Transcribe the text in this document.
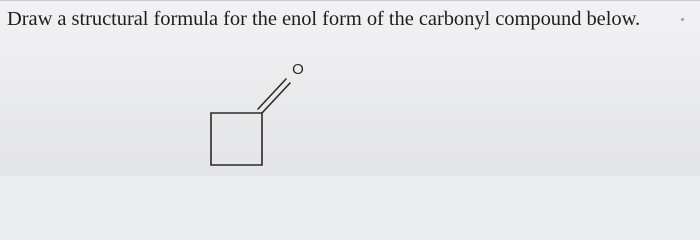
Draw a structural formula for the enol form of the carbonyl compound below.

O
